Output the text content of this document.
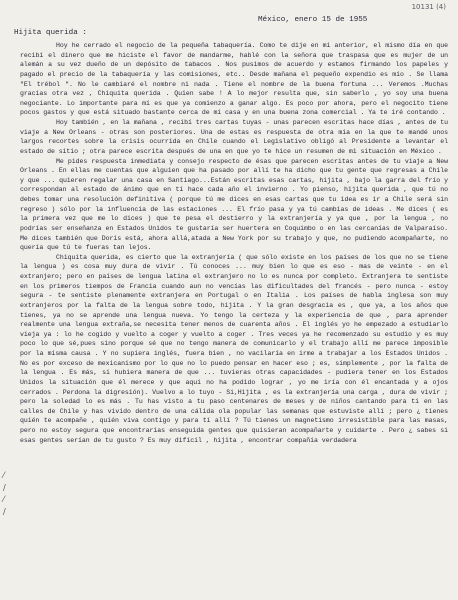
10131 (4)
México, enero 15 de 1955
Hijita querida :

Hoy he cerrado el negocio de la pequeña tabaquería. Como te dije en mi anterior, el mismo día en que recibí el dinero que me hiciste el favor de mandarme, hablé con la señora que traspasa que es mujer de un alemán a su vez dueño de un depósito de tabacos . Nos pusimos de acuerdo y estamos firmando los papeles y pagado el precio de la tabaquería y las comisiones, etc.. Desde mañana el pequeño expendio es mío . Se llama "El trébol ". No le cambiaré el nombre ni nada . Tiene el nombre de la buena fortuna ... Veremos .Muchas gracias otra vez , Chiquita querida . Quien sabe ! A lo mejor resulta que, sin saberlo , yo soy una buena negociante. Lo importante para mí es que ya comienzo a ganar algo. Es poco por ahora, pero el negocito tiene pocos gastos y que está situado bastante cerca de mi casa y en una buena zona comercial . Ya te iré contando .

Hoy también , en la mañana , recibí tres cartas tuyas - unas parecen escritas hace días , antes de tu viaje a New Orleans - otras son posteriores. Una de estas es respuesta de otra mía en la que te mandé unos largos recortes sobre la crisis ocurrida en Chile cuando el Legislativo obligó al Presidente a levantar el estado de sitio ; otra parece escrita después de una en que yo te hice un resumen de mi situación en México .

Me pides respuesta inmediata y consejo respecto de ésas que parecen escritas antes de tu viaje a New Orleans . En ellas me cuentas que alguien que ha pasado por allí te ha dicho que tu gente que regresas a Chile y que ... quieren regalar una casa en Santiago...Están escritas esas cartas, hijita , bajo la garra del frío y correspondan al estado de ánimo que en tí hace cada año el invierno . Yo pienso, hijita querida , que tú no debes tomar una resolución definitiva ( porque tú me dices en esas cartas que tu idea es ir a Chile será sin regreso ) sólo por la influencia de las estaciones ... El frío pasa y ya tú cambias de ideas . Me dices ( es la primera vez que me lo dices ) que te pesa el destierro y la extranjería y ya que , por la lengua , no podrías ser enseñanza en Estados Unidos te gustaría ser huertera en Coquimbo o en las cercanías de Valparaíso. Me dices también que Doris está, ahora allá,atada a New York por su trabajo y que, no pudiendo acompañarte, no quería que tú te fueras tan lejos.

Chiquita querida, es cierto que la extranjería ( que sólo existe en los países de los que no se tiene la lengua ) es cosa muy dura de vivir . Tú conoces ... muy bien lo que es eso - mas de veinte - en el extranjero; pero en países de lengua latina el extranjero no lo es nunca por completo. Extranjera te sentiste en los primeros tiempos de Francia cuando aun no vencías las dificultades del francés - pero nunca - estoy segura - te sentiste plenamente extranjera en Portugal o en Italia . Los países de habla inglesa son muy extranjeros por la falta de la lengua sobre todo, hijita . Y la gran desgracia es , que ya, a los años que tienes, ya no se aprende una lengua nueva. Yo tengo la certeza y la experiencia de que , para aprender realmente una lengua extraña,se necesita tener menos de cuarenta años . El inglés yo he empezado a estudiarlo vieja ya : lo he cogido y vuelto a coger y vuelto a coger . Tres veces ya he recomenzado su estudio y es muy poco lo que sé,pues sino porque sé que no tengo manera de comunicarlo y el trabajo allí me parece imposible por la misma causa . Y no supiera inglés, fuera bien , no vacilaría en irme a trabajar a los Estados Unidos . No es por exceso de mexicanismo por lo que no lo puedo pensar en hacer eso ; es, simplemente , por la falta de la lengua . Es más, si hubiera manera de que ... tuvieras otras capacidades - pudiera tener en los Estados Unidos la situación que él merece y que aquí no ha podido lograr , yo me iría con él encantada y a ojos cerrados . Perdona la digresión). Vuelvo a lo tuyo - Si,Hijita , es la extranjería una carga , dura de vivir ; pero la soledad lo es más . Tu has visto a tu paso centenares de meses y de niños cantando para ti en las calles de Chile y has vivido dentro de una cálida ola popular las semanas que estuviste allí ; pero ¿ tienes quién te acompañe , quién viva contigo y para tí allí ? Tú tienes un magnetismo irresistible para las masas, pero no estoy segura que encontrarías enseguida gentes que quisieran acompañarte y cuidarte . Pero ¿ sabes si esas gentes serían de tu gusto ? Es muy difícil , hijita , encontrar compañía verdadera

⁄
/
⁄
/
